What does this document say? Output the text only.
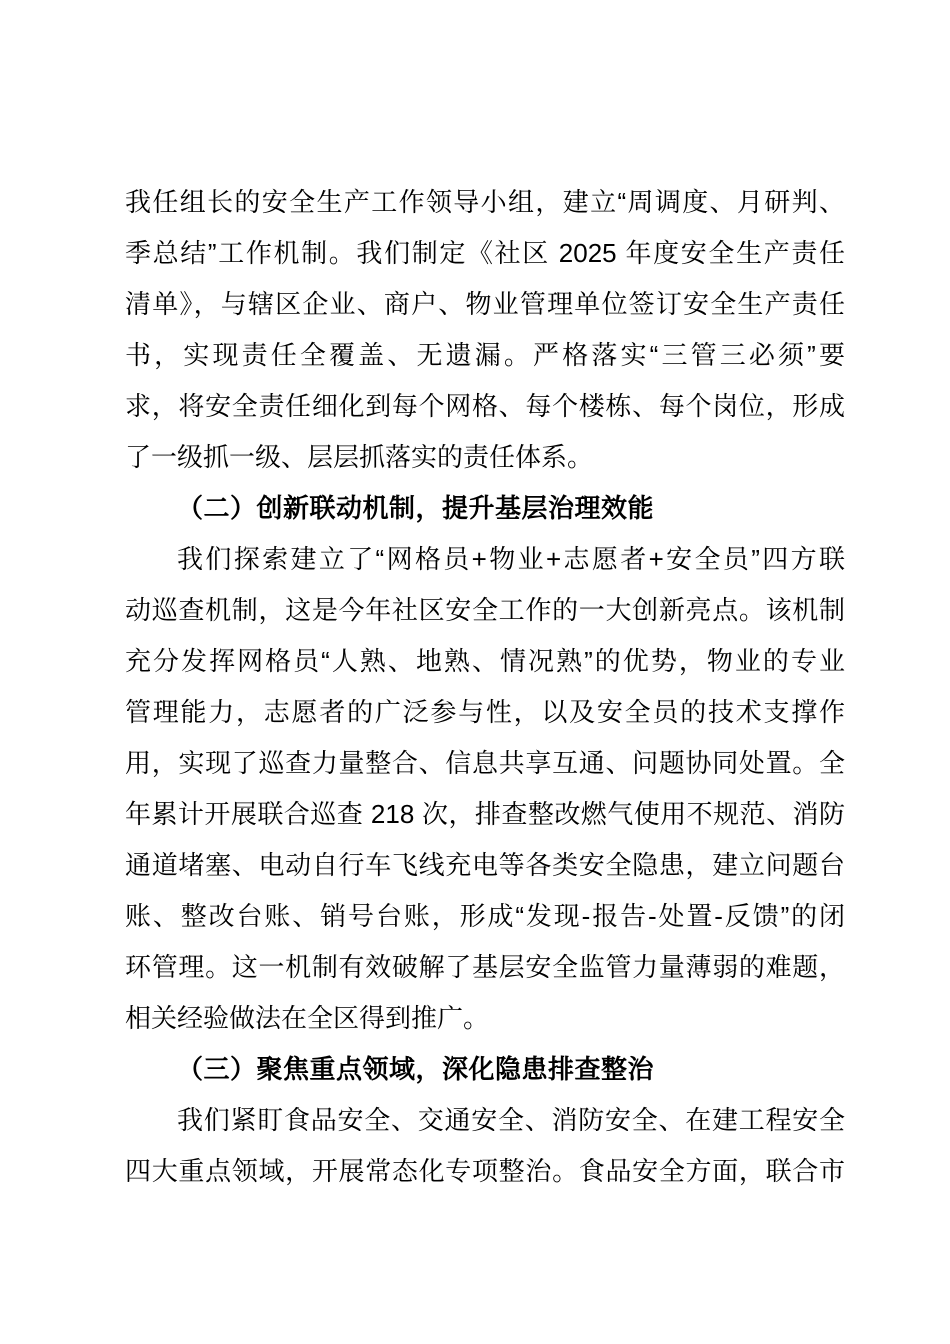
我任组长的安全生产工作领导小组，建立“周调度、月研判、
季总结”工作机制。我们制定《社区 2025 年度安全生产责任
清单》，与辖区企业、商户、物业管理单位签订安全生产责任
书，实现责任全覆盖、无遗漏。严格落实“三管三必须”要
求，将安全责任细化到每个网格、每个楼栋、每个岗位，形成
了一级抓一级、层层抓落实的责任体系。
（二）创新联动机制，提升基层治理效能
我们探索建立了“网格员+物业+志愿者+安全员”四方联
动巡查机制，这是今年社区安全工作的一大创新亮点。该机制
充分发挥网格员“人熟、地熟、情况熟”的优势，物业的专业
管理能力，志愿者的广泛参与性，以及安全员的技术支撑作
用，实现了巡查力量整合、信息共享互通、问题协同处置。全
年累计开展联合巡查 218 次，排查整改燃气使用不规范、消防
通道堵塞、电动自行车飞线充电等各类安全隐患，建立问题台
账、整改台账、销号台账，形成“发现-报告-处置-反馈”的闭
环管理。这一机制有效破解了基层安全监管力量薄弱的难题，
相关经验做法在全区得到推广。
（三）聚焦重点领域，深化隐患排查整治
我们紧盯食品安全、交通安全、消防安全、在建工程安全
四大重点领域，开展常态化专项整治。食品安全方面，联合市
